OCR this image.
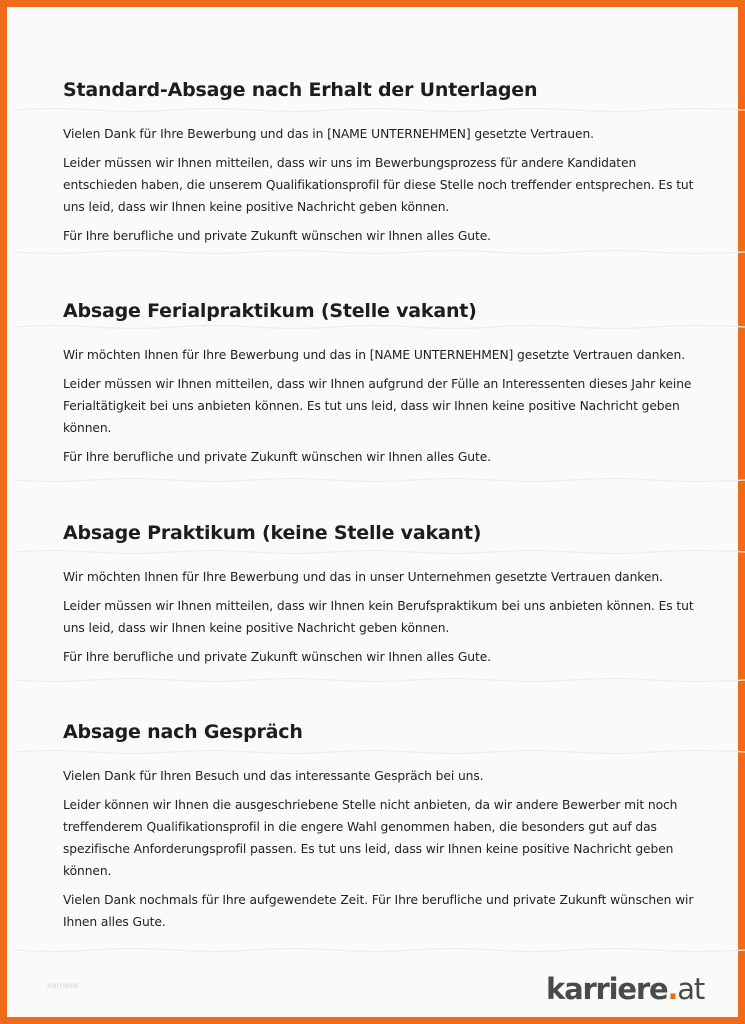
Standard-Absage nach Erhalt der Unterlagen

Vielen Dank für Ihre Bewerbung und das in [NAME UNTERNEHMEN] gesetzte Vertrauen.

Leider müssen wir Ihnen mitteilen, dass wir uns im Bewerbungsprozess für andere Kandidaten entschieden haben, die unserem Qualifikationsprofil für diese Stelle noch treffender entsprechen. Es tut uns leid, dass wir Ihnen keine positive Nachricht geben können.

Für Ihre berufliche und private Zukunft wünschen wir Ihnen alles Gute.

Absage Ferialpraktikum (Stelle vakant)

Wir möchten Ihnen für Ihre Bewerbung und das in [NAME UNTERNEHMEN] gesetzte Vertrauen danken.

Leider müssen wir Ihnen mitteilen, dass wir Ihnen aufgrund der Fülle an Interessenten dieses Jahr keine Ferialtätigkeit bei uns anbieten können. Es tut uns leid, dass wir Ihnen keine positive Nachricht geben können.

Für Ihre berufliche und private Zukunft wünschen wir Ihnen alles Gute.

Absage Praktikum (keine Stelle vakant)

Wir möchten Ihnen für Ihre Bewerbung und das in unser Unternehmen gesetzte Vertrauen danken.

Leider müssen wir Ihnen mitteilen, dass wir Ihnen kein Berufspraktikum bei uns anbieten können. Es tut uns leid, dass wir Ihnen keine positive Nachricht geben können.

Für Ihre berufliche und private Zukunft wünschen wir Ihnen alles Gute.

Absage nach Gespräch

Vielen Dank für Ihren Besuch und das interessante Gespräch bei uns.

Leider können wir Ihnen die ausgeschriebene Stelle nicht anbieten, da wir andere Bewerber mit noch treffenderem Qualifikationsprofil in die engere Wahl genommen haben, die besonders gut auf das spezifische Anforderungsprofil passen. Es tut uns leid, dass wir Ihnen keine positive Nachricht geben können.

Vielen Dank nochmals für Ihre aufgewendete Zeit. Für Ihre berufliche und private Zukunft wünschen wir Ihnen alles Gute.

karriere	karriere.at
